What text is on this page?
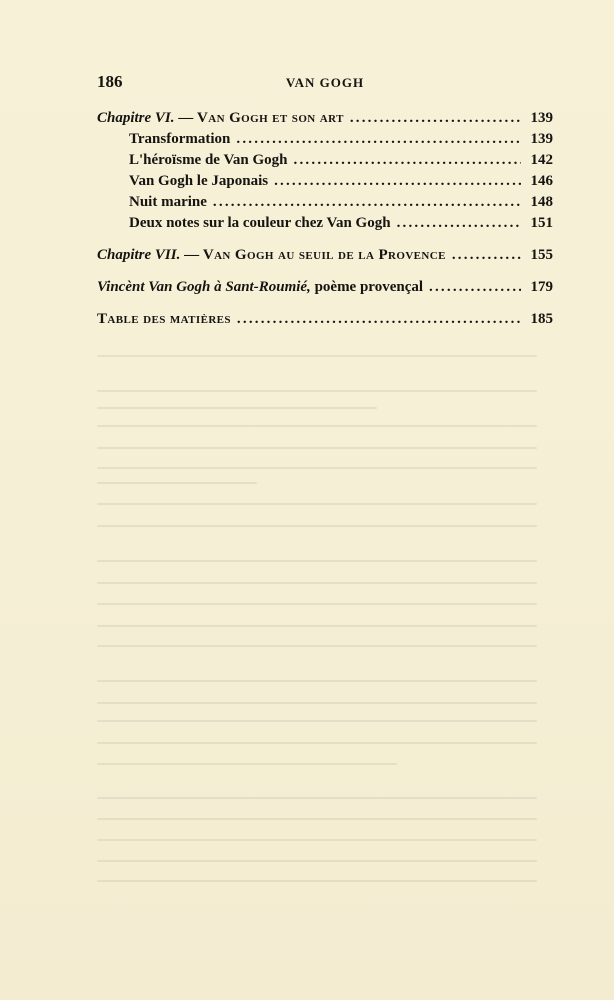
186	VAN GOGH
Chapitre VI. — Van Gogh et son art .....	139
Transformation .....	139
L'héroïsme de Van Gogh .....	142
Van Gogh le Japonais .....	146
Nuit marine .....	148
Deux notes sur la couleur chez Van Gogh .....	151
Chapitre VII. — Van Gogh au seuil de la Provence .....	155
Vincènt Van Gogh à Sant-Roumié, poème provençal .....	179
Table des matières .....	185
